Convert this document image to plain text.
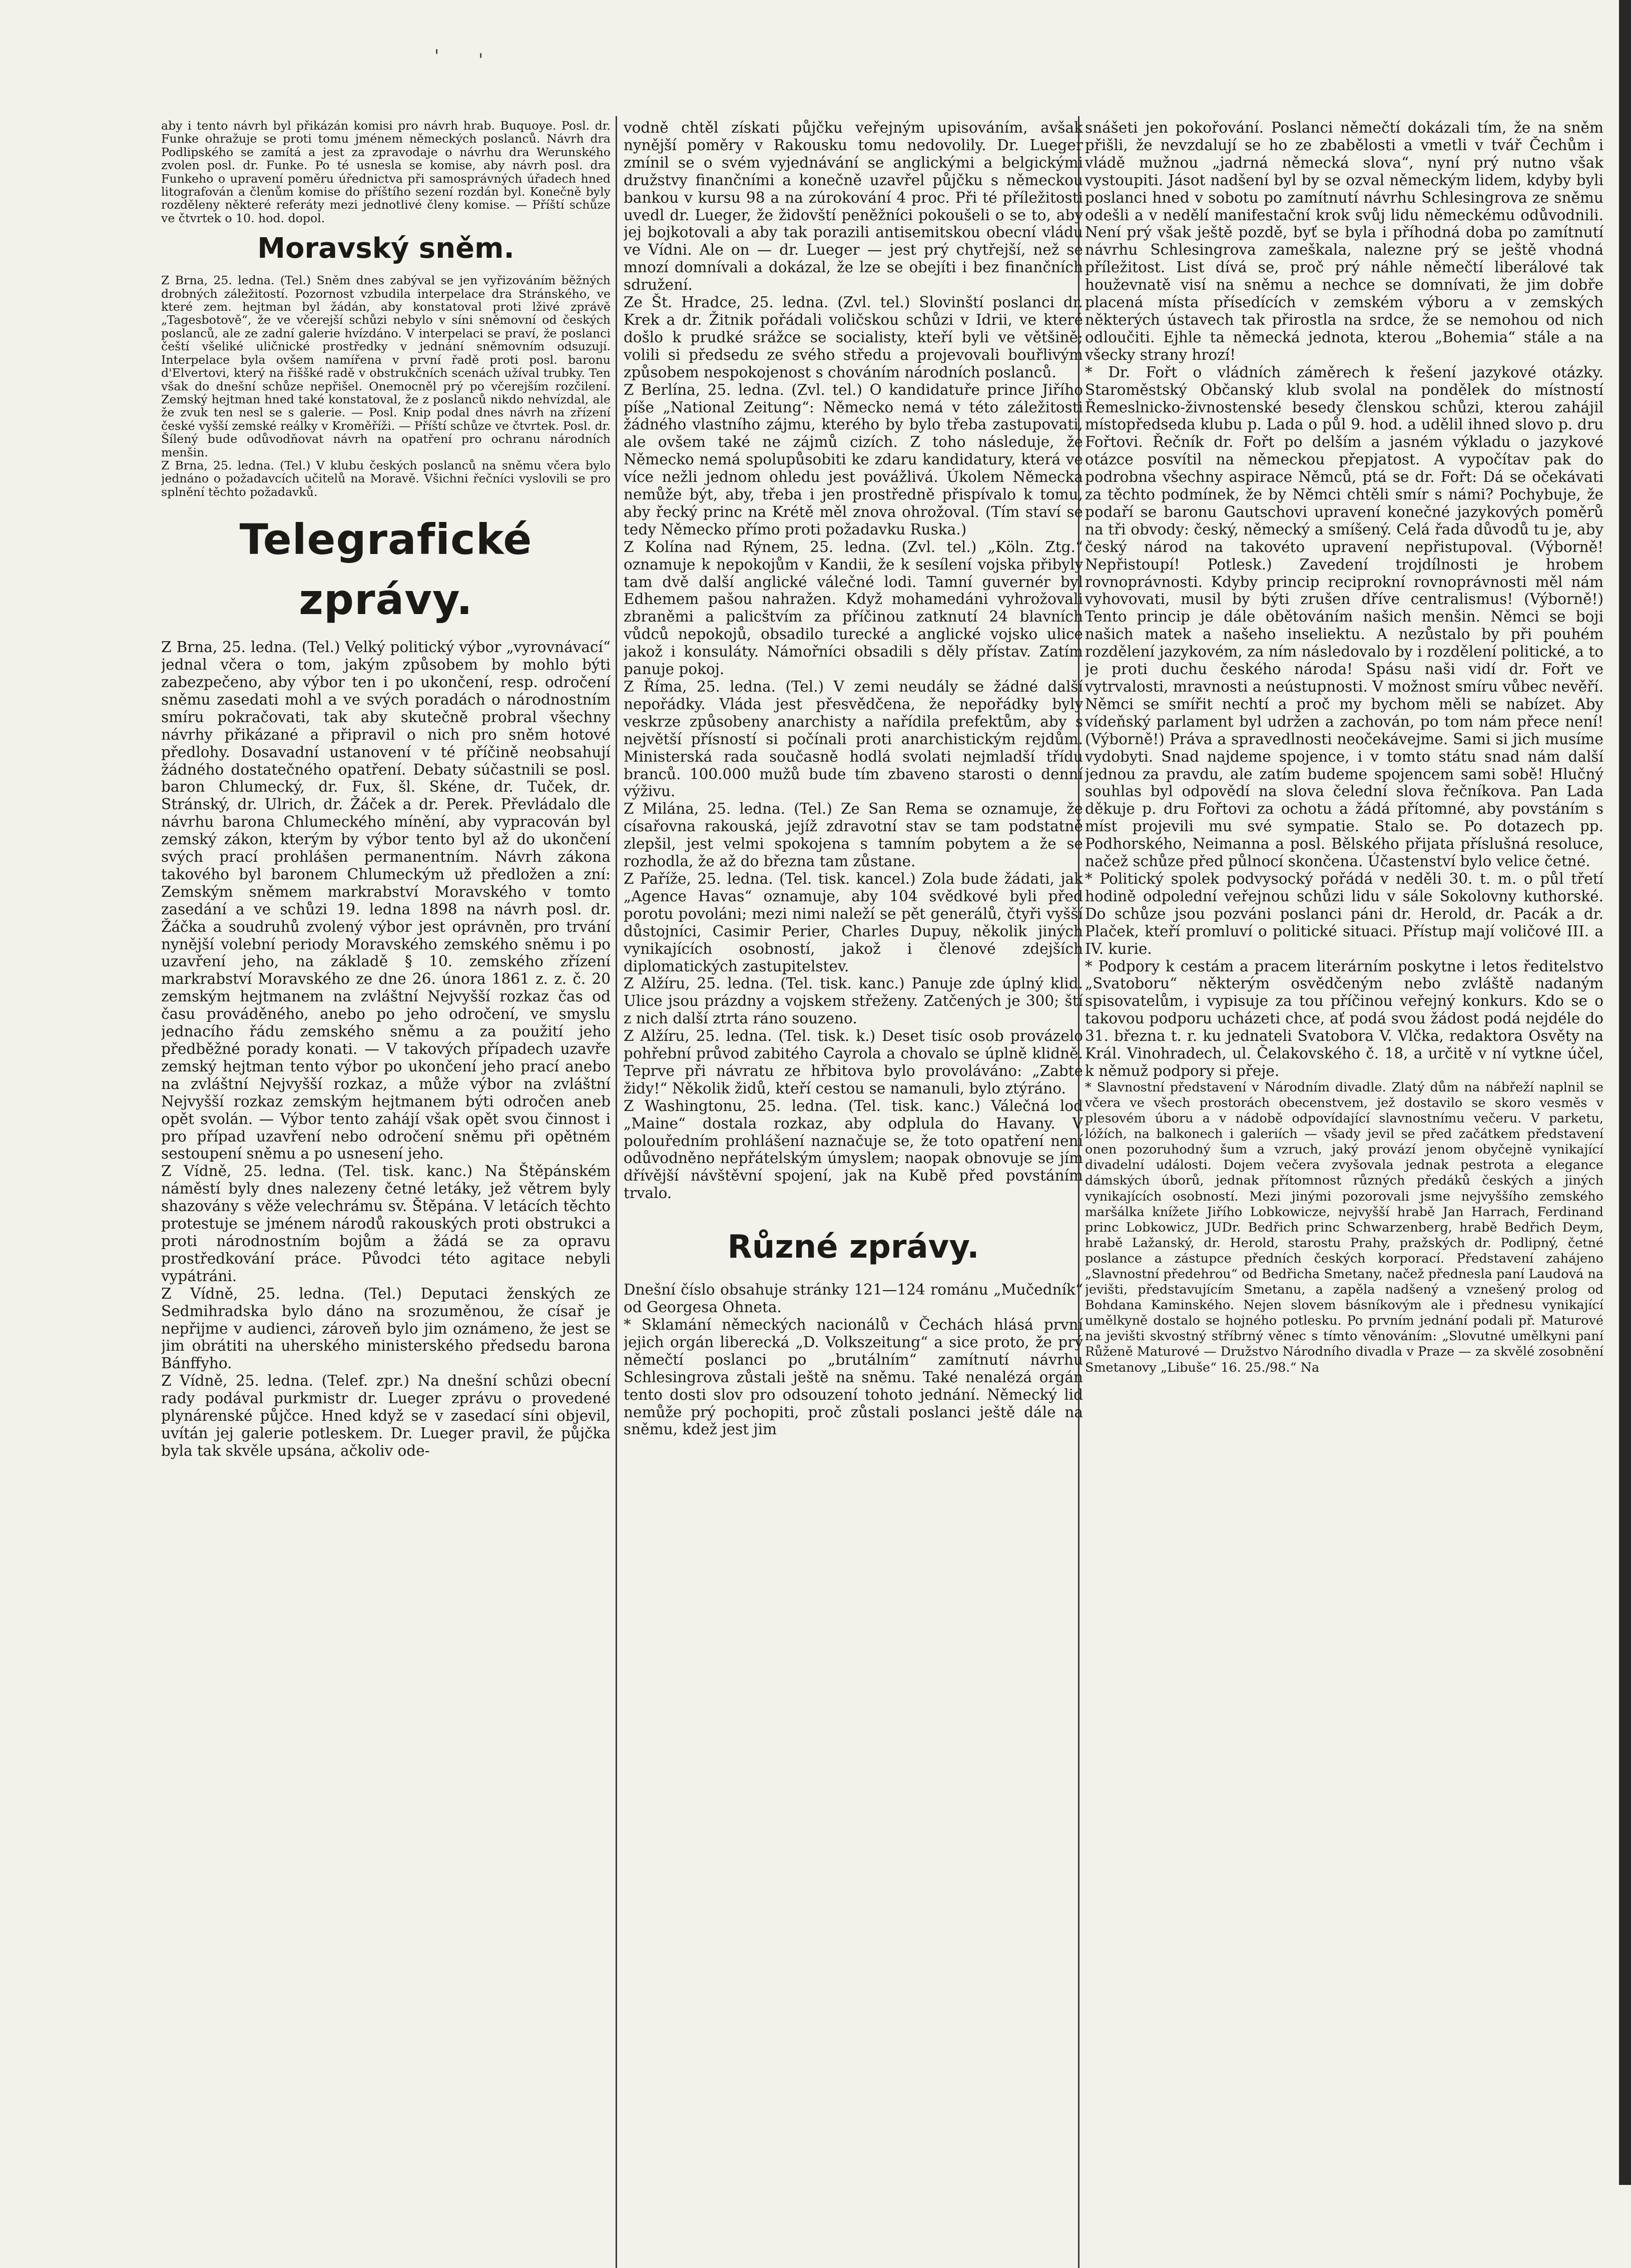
' '

aby i tento návrh byl přikázán komisi pro návrh hrab. Buquoye. Posl. dr. Funke ohražuje se proti tomu jménem německých poslanců. Návrh dra Podlipského se zamítá a jest za zpravodaje o návrhu dra Werunského zvolen posl. dr. Funke. Po té usnesla se komise, aby návrh posl. dra Funkeho o upravení poměru úřednictva při samosprávných úřadech hned litografován a členům komise do příštího sezení rozdán byl. Konečně byly rozděleny některé referáty mezi jednotlivé členy komise. — Příští schůze ve čtvrtek o 10. hod. dopol.

Moravský sněm.

Z Brna, 25. ledna. (Tel.) Sněm dnes zabýval se jen vyřizováním běžných drobných záležitostí. Pozornost vzbudila interpelace dra Stránského, ve které zem. hejtman byl žádán, aby konstatoval proti lživé zprávě „Tagesbotově“, že ve včerejší schůzi nebylo v síni sněmovní od českých poslanců, ale ze zadní galerie hvízdáno. V interpelaci se praví, že poslanci čeští všeliké uličnické prostředky v jednání sněmovním odsuzují. Interpelace byla ovšem namířena v první řadě proti posl. baronu d'Elvertovi, který na řiššké radě v obstrukčních scenách užíval trubky. Ten však do dnešní schůze nepřišel. Onemocněl prý po včerejším rozčilení. Zemský hejtman hned také konstatoval, že z poslanců nikdo nehvízdal, ale že zvuk ten nesl se s galerie. — Posl. Knip podal dnes návrh na zřízení české vyšší zemské reálky v Kroměříži. — Příští schůze ve čtvrtek. Posl. dr. Šílený bude odůvodňovat návrh na opatření pro ochranu národních menšin.

Z Brna, 25. ledna. (Tel.) V klubu českých poslanců na sněmu včera bylo jednáno o požadavcích učitelů na Moravě. Všichni řečníci vyslovili se pro splnění těchto požadavků.

Telegrafické zprávy.

Z Brna, 25. ledna. (Tel.) Velký politický výbor „vyrovnávací“ jednal včera o tom, jakým způsobem by mohlo býti zabezpečeno, aby výbor ten i po ukončení, resp. odročení sněmu zasedati mohl a ve svých poradách o národnostním smíru pokračovati, tak aby skutečně probral všechny návrhy přikázané a připravil o nich pro sněm hotové předlohy. Dosavadní ustanovení v té příčině neobsahují žádného dostatečného opatření. Debaty súčastnili se posl. baron Chlumecký, dr. Fux, šl. Skéne, dr. Tuček, dr. Stránský, dr. Ulrich, dr. Žáček a dr. Perek. Převládalo dle návrhu barona Chlumeckého mínění, aby vypracován byl zemský zákon, kterým by výbor tento byl až do ukončení svých prací prohlášen permanentním. Návrh zákona takového byl baronem Chlumeckým už předložen a zní: Zemským sněmem markrabství Moravského v tomto zasedání a ve schůzi 19. ledna 1898 na návrh posl. dr. Žáčka a soudruhů zvolený výbor jest oprávněn, pro trvání nynější volební periody Moravského zemského sněmu i po uzavření jeho, na základě § 10. zemského zřízení markrabství Moravského ze dne 26. února 1861 z. z. č. 20 zemským hejtmanem na zvláštní Nejvyšší rozkaz čas od času prováděného, anebo po jeho odročení, ve smyslu jednacího řádu zemského sněmu a za použití jeho předběžné porady konati. — V takových případech uzavře zemský hejtman tento výbor po ukončení jeho prací anebo na zvláštní Nejvyšší rozkaz, a může výbor na zvláštní Nejvyšší rozkaz zemským hejtmanem býti odročen aneb opět svolán. — Výbor tento zahájí však opět svou činnost i pro případ uzavření nebo odročení sněmu při opětném sestoupení sněmu a po usnesení jeho.

Z Vídně, 25. ledna. (Tel. tisk. kanc.) Na Štěpánském náměstí byly dnes nalezeny četné letáky, jež větrem byly shazovány s věže velechrámu sv. Štěpána. V letácích těchto protestuje se jménem národů rakouských proti obstrukci a proti národnostním bojům a žádá se za opravu prostředkování práce. Původci této agitace nebyli vypátráni.

Z Vídně, 25. ledna. (Tel.) Deputaci ženských ze Sedmihradska bylo dáno na srozuměnou, že císař je nepřijme v audienci, zároveň bylo jim oznámeno, že jest se jim obrátiti na uherského ministerského předsedu barona Bánffyho.

Z Vídně, 25. ledna. (Telef. zpr.) Na dnešní schůzi obecní rady podával purkmistr dr. Lueger zprávu o provedené plynárenské půjčce. Hned když se v zasedací síni objevil, uvítán jej galerie potleskem. Dr. Lueger pravil, že půjčka byla tak skvěle upsána, ačkoliv ode-

vodně chtěl získati půjčku veřejným upisováním, avšak nynější poměry v Rakousku tomu nedovolily. Dr. Lueger zmínil se o svém vyjednávání se anglickými a belgickými družstvy finančními a konečně uzavřel půjčku s německou bankou v kursu 98 a na zúrokování 4 proc. Při té příležitosti uvedl dr. Lueger, že židovští peněžníci pokoušeli o se to, aby jej bojkotovali a aby tak porazili antisemitskou obecní vládu ve Vídni. Ale on — dr. Lueger — jest prý chytřejší, než se mnozí domnívali a dokázal, že lze se obejíti i bez finančních sdružení.

Ze Št. Hradce, 25. ledna. (Zvl. tel.) Slovinští poslanci dr. Krek a dr. Žitnik pořádali voličskou schůzi v Idrii, ve které došlo k prudké srážce se socialisty, kteří byli ve většině; volili si předsedu ze svého středu a projevovali bouřlivým způsobem nespokojenost s chováním národních poslanců.

Z Berlína, 25. ledna. (Zvl. tel.) O kandidatuře prince Jiřího píše „National Zeitung“: Německo nemá v této záležitosti žádného vlastního zájmu, kterého by bylo třeba zastupovati, ale ovšem také ne zájmů cizích. Z toho následuje, že Německo nemá spolupůsobiti ke zdaru kandidatury, která ve více nežli jednom ohledu jest povážlivá. Úkolem Německa nemůže být, aby, třeba i jen prostředně přispívalo k tomu, aby řecký princ na Krétě měl znova ohrožoval. (Tím staví se tedy Německo přímo proti požadavku Ruska.)

Z Kolína nad Rýnem, 25. ledna. (Zvl. tel.) „Köln. Ztg.“ oznamuje k nepokojům v Kandii, že k sesílení vojska přibyly tam dvě další anglické válečné lodi. Tamní guvernér byl Edhemem pašou nahražen. Když mohamedáni vyhrožovali zbraněmi a palicštvím za příčinou zatknutí 24 blavních vůdců nepokojů, obsadilo turecké a anglické vojsko ulice jakož i konsuláty. Námořníci obsadili s děly přístav. Zatím panuje pokoj.

Z Říma, 25. ledna. (Tel.) V zemi neudály se žádné další nepořádky. Vláda jest přesvědčena, že nepořádky byly veskrze způsobeny anarchisty a nařídila prefektům, aby s největší přísností si počínali proti anarchistickým rejdům. Ministerská rada současně hodlá svolati nejmladší třídu branců. 100.000 mužů bude tím zbaveno starosti o denní výživu.

Z Milána, 25. ledna. (Tel.) Ze San Rema se oznamuje, že císařovna rakouská, jejíž zdravotní stav se tam podstatně zlepšil, jest velmi spokojena s tamním pobytem a že se rozhodla, že až do března tam zůstane.

Z Paříže, 25. ledna. (Tel. tisk. kancel.) Zola bude žádati, jak „Agence Havas“ oznamuje, aby 104 svědkové byli před porotu povoláni; mezi nimi naleží se pět generálů, čtyři vyšší důstojníci, Casimir Perier, Charles Dupuy, několik jiných vynikajících osobností, jakož i členové zdejších diplomatických zastupitelstev.

Z Alžíru, 25. ledna. (Tel. tisk. kanc.) Panuje zde úplný klid. Ulice jsou prázdny a vojskem střeženy. Zatčených je 300; ští z nich další ztrta ráno souzeno.

Z Alžíru, 25. ledna. (Tel. tisk. k.) Deset tisíc osob provázelo pohřební průvod zabitého Cayrola a chovalo se úplně klidně. Teprve při návratu ze hřbitova bylo provoláváno: „Zabte židy!“ Několik židů, kteří cestou se namanuli, bylo ztýráno.

Z Washingtonu, 25. ledna. (Tel. tisk. kanc.) Válečná loď „Maine“ dostala rozkaz, aby odplula do Havany. V polouředním prohlášení naznačuje se, že toto opatření není odůvodněno nepřátelským úmyslem; naopak obnovuje se jím dřívější návštěvní spojení, jak na Kubě před povstáním trvalo.

Různé zprávy.

Dnešní číslo obsahuje stránky 121—124 románu „Mučedník“ od Georgesa Ohneta.

* Sklamání německých nacionálů v Čechách hlásá první jejich orgán liberecká „D. Volkszeitung“ a sice proto, že prý němečtí poslanci po „brutálním“ zamítnutí návrhu Schlesingrova zůstali ještě na sněmu. Také nenalézá orgán tento dosti slov pro odsouzení tohoto jednání. Německý lid nemůže prý pochopiti, proč zůstali poslanci ještě dále na sněmu, kdež jest jim

snášeti jen pokořování. Poslanci němečtí dokázali tím, že na sněm přišli, že nevzdalují se ho ze zbabělosti a vmetli v tvář Čechům i vládě mužnou „jadrná německá slova“, nyní prý nutno však vystoupiti. Jásot nadšení byl by se ozval německým lidem, kdyby byli poslanci hned v sobotu po zamítnutí návrhu Schlesingrova ze sněmu odešli a v nedělí manifestační krok svůj lidu německému odůvodnili. Není prý však ještě pozdě, byť se byla i příhodná doba po zamítnutí návrhu Schlesingrova zameškala, nalezne prý se ještě vhodná příležitost. List dívá se, proč prý náhle němečtí liberálové tak houževnatě visí na sněmu a nechce se domnívati, že jim dobře placená místa přísedících v zemském výboru a v zemských některých ústavech tak přirostla na srdce, že se nemohou od nich odloučiti. Ejhle ta německá jednota, kterou „Bohemia“ stále a na všecky strany hrozí!

* Dr. Fořt o vládních záměrech k řešení jazykové otázky. Staroměstský Občanský klub svolal na pondělek do místností Řemeslnicko-živnostenské besedy členskou schůzi, kterou zahájil místopředseda klubu p. Lada o půl 9. hod. a udělil ihned slovo p. dru Fořtovi. Řečník dr. Fořt po delším a jasném výkladu o jazykové otázce posvítil na německou přepjatost. A vypočítav pak do podrobna všechny aspirace Němců, ptá se dr. Fořt: Dá se očekávati za těchto podmínek, že by Němci chtěli smír s námi? Pochybuje, že podaří se baronu Gautschovi upravení konečné jazykových poměrů na tři obvody: český, německý a smíšený. Celá řada důvodů tu je, aby český národ na takovéto upravení nepřistupoval. (Výborně! Nepřistoupí! Potlesk.) Zavedení trojdílnosti je hrobem rovnoprávnosti. Kdyby princip reciprokní rovnoprávnosti měl nám vyhovovati, musil by býti zrušen dříve centralismus! (Výborně!) Tento princip je dále obětováním našich menšin. Němci se boji našich matek a našeho inseliektu. A nezůstalo by při pouhém rozdělení jazykovém, za ním následovalo by i rozdělení politické, a to je proti duchu českého národa! Spásu naši vidí dr. Fořt ve vytrvalosti, mravnosti a neústupnosti. V možnost smíru vůbec nevěří. Němci se smířit nechtí a proč my bychom měli se nabízet. Aby vídeňský parlament byl udržen a zachován, po tom nám přece není! (Výborně!) Práva a spravedlnosti neočekávejme. Sami si jich musíme vydobyti. Snad najdeme spojence, i v tomto státu snad nám další jednou za pravdu, ale zatím budeme spojencem sami sobě! Hlučný souhlas byl odpovědí na slova čelední slova řečníkova. Pan Lada děkuje p. dru Fořtovi za ochotu a žádá přítomné, aby povstáním s míst projevili mu své sympatie. Stalo se. Po dotazech pp. Podhorského, Neimanna a posl. Bělského přijata příslušná resoluce, načež schůze před půlnocí skončena. Účastenství bylo velice četné.

* Politický spolek podvysocký pořádá v neděli 30. t. m. o půl třetí hodině odpolední veřejnou schůzi lidu v sále Sokolovny kuthorské. Do schůze jsou pozváni poslanci páni dr. Herold, dr. Pacák a dr. Plaček, kteří promluví o politické situaci. Přístup mají voličové III. a IV. kurie.

* Podpory k cestám a pracem literárním poskytne i letos ředitelstvo „Svatoboru“ některým osvědčeným nebo zvláště nadaným spisovatelům, i vypisuje za tou příčinou veřejný konkurs. Kdo se o takovou podporu ucházeti chce, ať podá svou žádost podá nejdéle do 31. března t. r. ku jednateli Svatobora V. Vlčka, redaktora Osvěty na Král. Vinohradech, ul. Čelakovského č. 18, a určitě v ní vytkne účel, k němuž podpory si přeje.

* Slavnostní představení v Národním divadle. Zlatý dům na nábřeží naplnil se včera ve všech prostorách obecenstvem, jež dostavilo se skoro vesměs v plesovém úboru a v nádobě odpovídající slavnostnímu večeru. V parketu, lóžích, na balkonech i galeriích — všady jevil se před začátkem představení onen pozoruhodný šum a vzruch, jaký provází jenom obyčejně vynikající divadelní události. Dojem večera zvyšovala jednak pestrota a elegance dámských úborů, jednak přítomnost různých předáků českých a jiných vynikajících osobností. Mezi jinými pozorovali jsme nejvyššího zemského maršálka knížete Jiřího Lobkowicze, nejvyšší hrabě Jan Harrach, Ferdinand princ Lobkowicz, JUDr. Bedřich princ Schwarzenberg, hrabě Bedřich Deym, hrabě Lažanský, dr. Herold, starostu Prahy, pražských dr. Podlipný, četné poslance a zástupce předních českých korporací. Představení zahájeno „Slavnostní předehrou“ od Bedřicha Smetany, načež přednesla paní Laudová na jevišti, představujícím Smetanu, a zapěla nadšený a vznešený prolog od Bohdana Kaminského. Nejen slovem básníkovým ale i přednesu vynikající umělkyně dostalo se hojného potlesku. Po prvním jednání podali př. Maturové na jevišti skvostný stříbrný věnec s tímto věnováním: „Slovutné umělkyni paní Růženě Maturové — Družstvo Národního divadla v Praze — za skvělé zosobnění Smetanovy „Libuše“ 16. 25./98.“ Na
